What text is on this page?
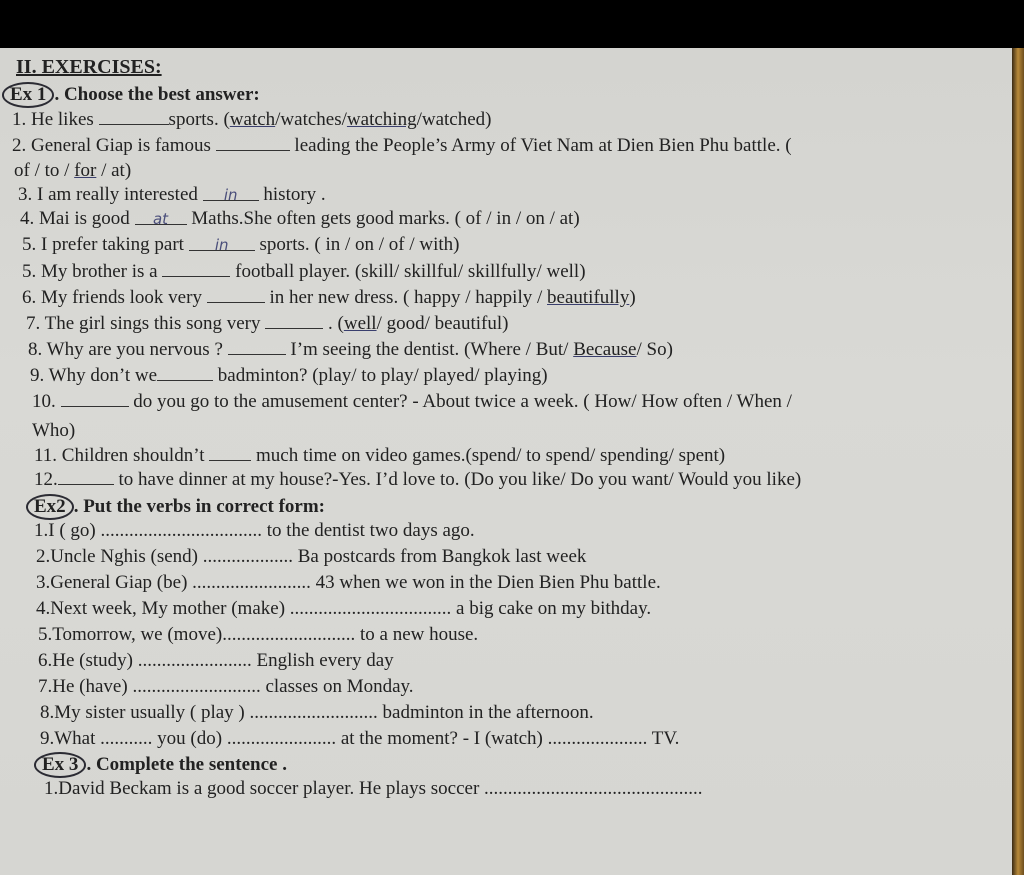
II. EXERCISES:
Ex 1 . Choose the best answer:
1. He likes	sports. (watch/watches/watching/watched)
2. General Giap is famous	leading the People’s Army of Viet Nam at Dien Bien Phu battle. (
of / to / for / at)
3. I am really interested in history .
4. Mai is good at Maths.She often gets good marks. ( of / in / on / at)
5. I prefer taking part in sports. ( in / on / of / with)
5. My brother is a	football player. (skill/ skillful/ skillfully/ well)
6. My friends look very	in her new dress. ( happy / happily / beautifully)
7. The girl sings this song very	. (well/ good/ beautiful)
8. Why are you nervous ?	I’m seeing the dentist. (Where / But/ Because/ So)
9. Why don’t we	badminton? (play/ to play/ played/ playing)
10.	do you go to the amusement center? - About twice a week. ( How/ How often / When /
Who)
11. Children shouldn’t	much time on video games.(spend/ to spend/ spending/ spent)
12.	to have dinner at my house?-Yes. I’d love to. (Do you like/ Do you want/ Would you like)
Ex2 . Put the verbs in correct form:
1.I ( go) .................................. to the dentist two days ago.
2.Uncle Nghis (send) ................... Ba postcards from Bangkok last week
3.General Giap (be) ......................... 43 when we won in the Dien Bien Phu battle.
4.Next week, My mother (make) .................................. a big cake on my bithday.
5.Tomorrow, we (move)............................ to a new house.
6.He (study) ........................ English every day
7.He (have) ........................... classes on Monday.
8.My sister usually ( play ) ........................... badminton in the afternoon.
9.What ........... you (do) ....................... at the moment? - I (watch) ..................... TV.
Ex 3 . Complete the sentence .
1.David Beckam is a good soccer player. He plays soccer ..............................................
